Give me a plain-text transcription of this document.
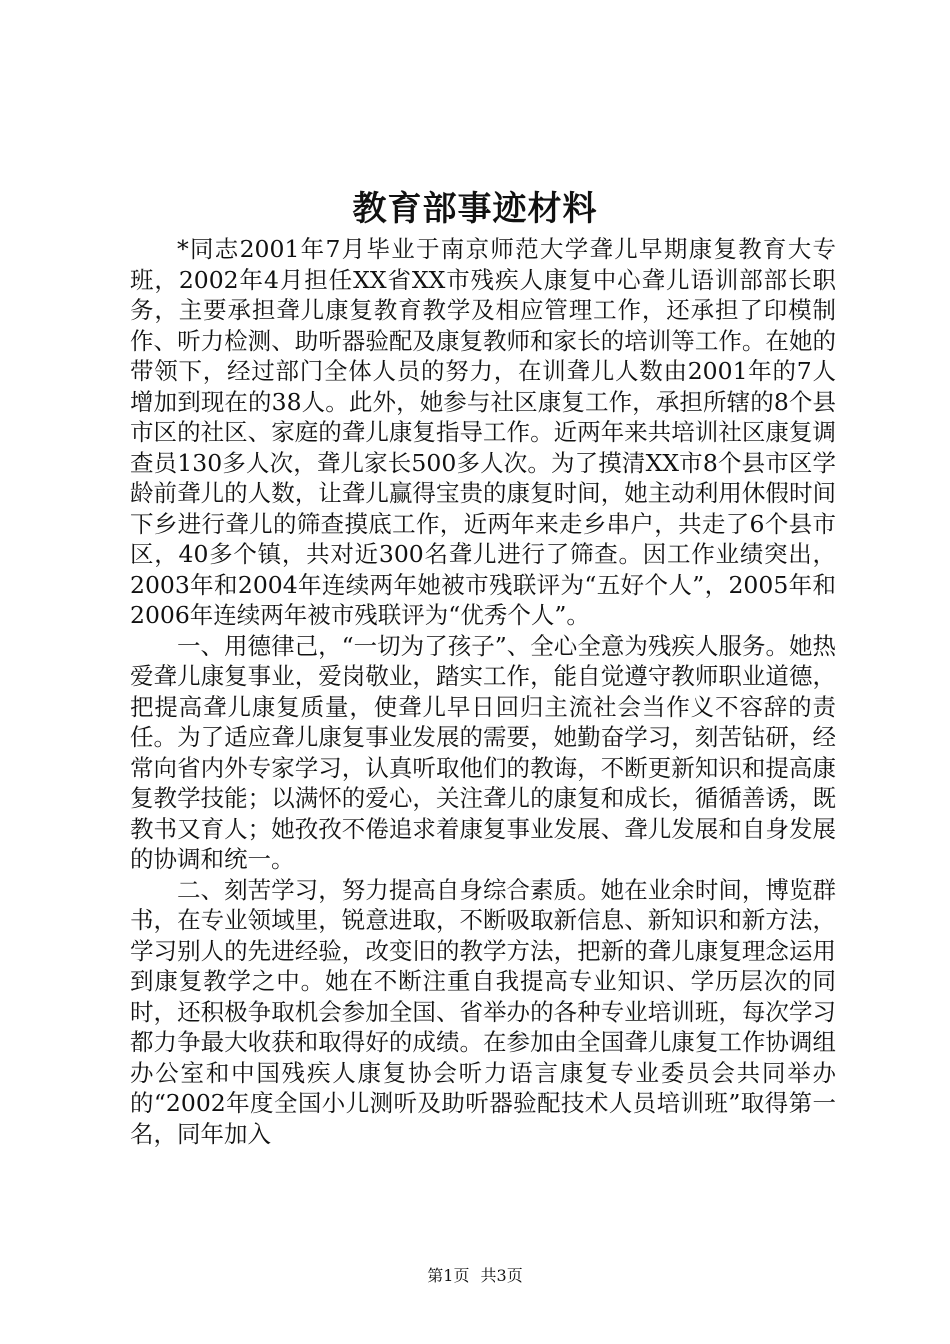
教育部事迹材料

*同志2001年7月毕业于南京师范大学聋儿早期康复教育大专班，2002年4月担任XX省XX市残疾人康复中心聋儿语训部部长职务，主要承担聋儿康复教育教学及相应管理工作，还承担了印模制作、听力检测、助听器验配及康复教师和家长的培训等工作。在她的带领下，经过部门全体人员的努力，在训聋儿人数由2001年的7人增加到现在的38人。此外，她参与社区康复工作，承担所辖的8个县市区的社区、家庭的聋儿康复指导工作。近两年来共培训社区康复调查员130多人次，聋儿家长500多人次。为了摸清XX市8个县市区学龄前聋儿的人数，让聋儿赢得宝贵的康复时间，她主动利用休假时间下乡进行聋儿的筛查摸底工作，近两年来走乡串户，共走了6个县市区，40多个镇，共对近300名聋儿进行了筛查。因工作业绩突出，2003年和2004年连续两年她被市残联评为“五好个人”，2005年和2006年连续两年被市残联评为“优秀个人”。

一、用德律己，“一切为了孩子”、全心全意为残疾人服务。她热爱聋儿康复事业，爱岗敬业，踏实工作，能自觉遵守教师职业道德，把提高聋儿康复质量，使聋儿早日回归主流社会当作义不容辞的责任。为了适应聋儿康复事业发展的需要，她勤奋学习，刻苦钻研，经常向省内外专家学习，认真听取他们的教诲，不断更新知识和提高康复教学技能；以满怀的爱心，关注聋儿的康复和成长，循循善诱，既教书又育人；她孜孜不倦追求着康复事业发展、聋儿发展和自身发展的协调和统一。

二、刻苦学习，努力提高自身综合素质。她在业余时间，博览群书，在专业领域里，锐意进取，不断吸取新信息、新知识和新方法，学习别人的先进经验，改变旧的教学方法，把新的聋儿康复理念运用到康复教学之中。她在不断注重自我提高专业知识、学历层次的同时，还积极争取机会参加全国、省举办的各种专业培训班，每次学习都力争最大收获和取得好的成绩。在参加由全国聋儿康复工作协调组办公室和中国残疾人康复协会听力语言康复专业委员会共同举办的“2002年度全国小儿测听及助听器验配技术人员培训班”取得第一名，同年加入

第1页 共3页
